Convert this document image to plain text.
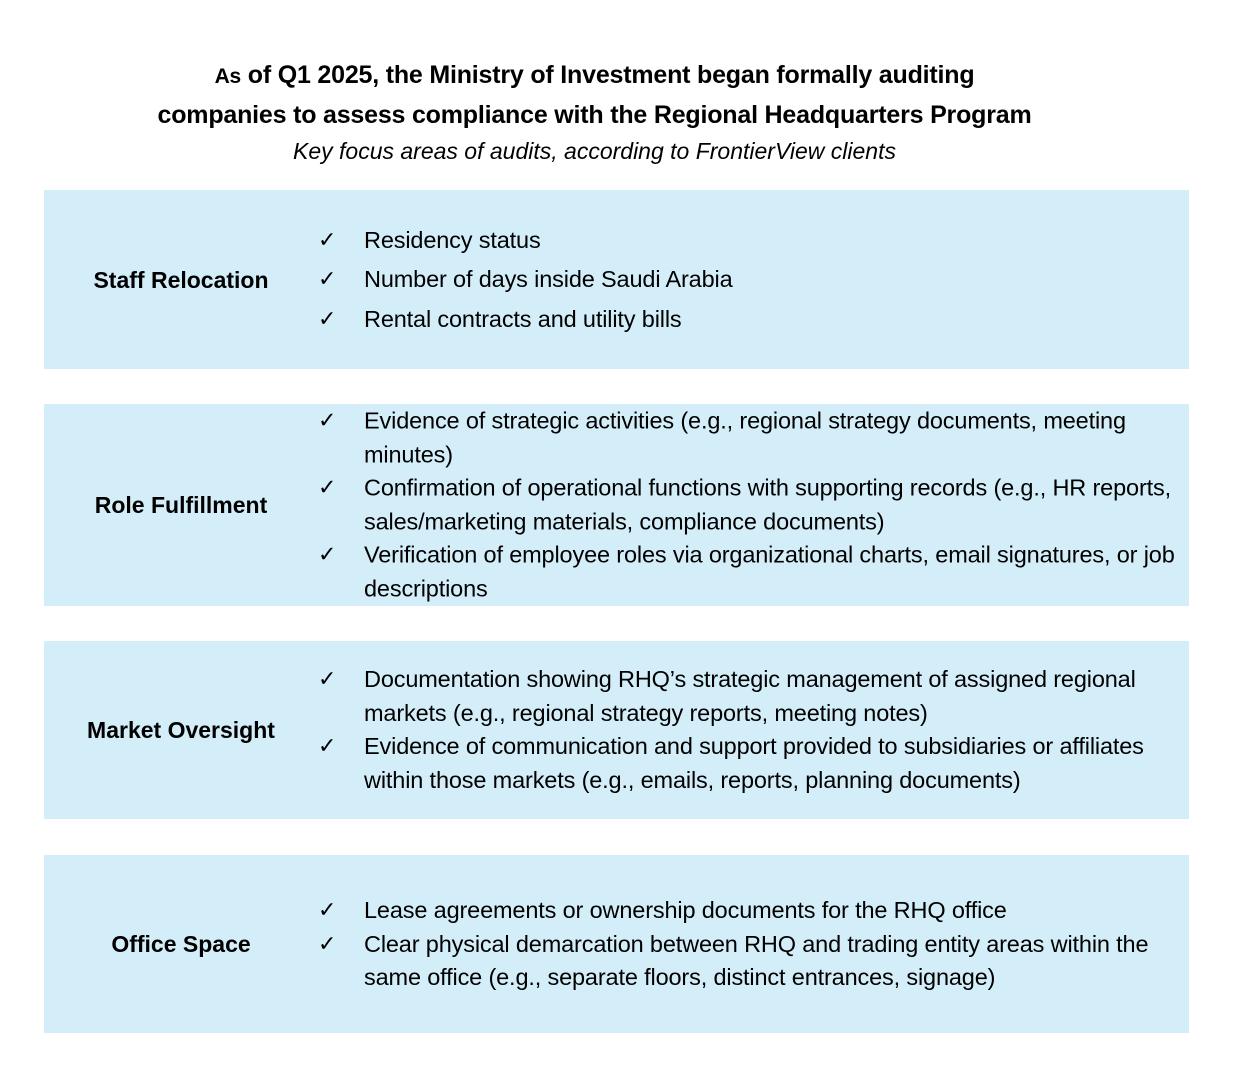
As of Q1 2025, the Ministry of Investment began formally auditing
companies to assess compliance with the Regional Headquarters Program
Key focus areas of audits, according to FrontierView clients
Staff Relocation
✓	Residency status
✓	Number of days inside Saudi Arabia
✓	Rental contracts and utility bills
Role Fulfillment
✓	Evidence of strategic activities (e.g., regional strategy documents, meeting minutes)
✓	Confirmation of operational functions with supporting records (e.g., HR reports, sales/marketing materials, compliance documents)
✓	Verification of employee roles via organizational charts, email signatures, or job descriptions
Market Oversight
✓	Documentation showing RHQ’s strategic management of assigned regional markets (e.g., regional strategy reports, meeting notes)
✓	Evidence of communication and support provided to subsidiaries or affiliates within those markets (e.g., emails, reports, planning documents)
Office Space
✓	Lease agreements or ownership documents for the RHQ office
✓	Clear physical demarcation between RHQ and trading entity areas within the same office (e.g., separate floors, distinct entrances, signage)
